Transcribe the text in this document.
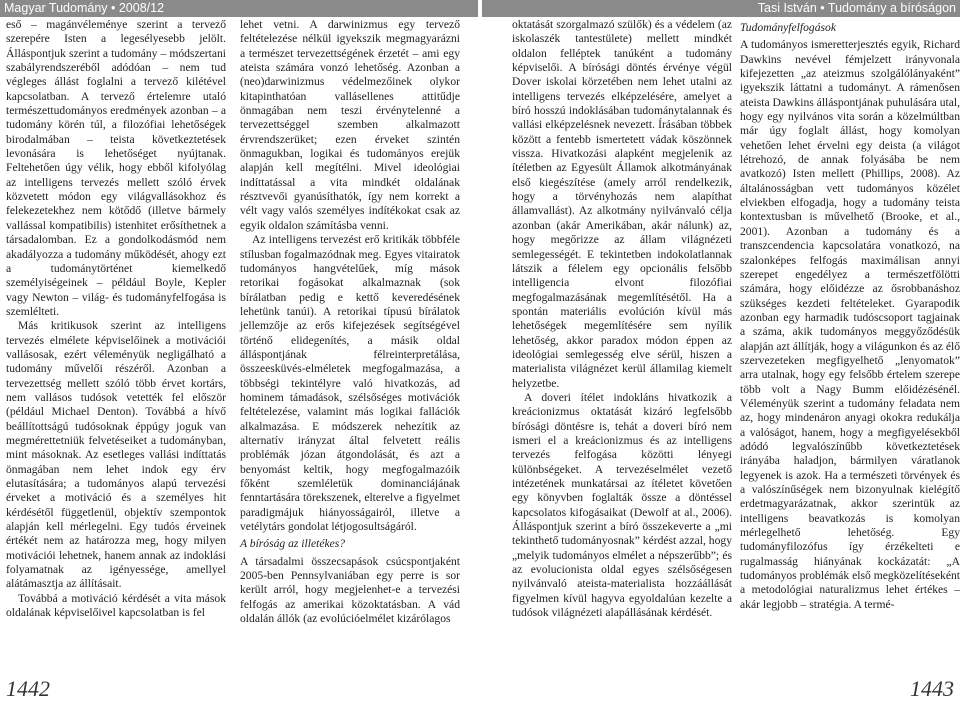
Magyar Tudomány • 2008/12	Tasi István • Tudomány a bíróságon

eső – magánvéleménye szerint a tervező szerepére Isten a legesélyesebb jelölt. Álláspontjuk szerint a tudomány – módszertani szabályrendszeréből adódóan – nem tud végleges állást foglalni a tervező kilétével kapcsolatban. A tervező értelemre utaló természettudományos eredmények azonban – a tudomány körén túl, a filozófiai lehetőségek birodalmában – teista következtetések levonására is lehetőséget nyújtanak. Feltehetően úgy vélik, hogy ebből kifolyólag az intelligens tervezés mellett szóló érvek közvetett módon egy világvallásokhoz és felekezetekhez nem kötődő (illetve bármely vallással kompatibilis) istenhitet erősíthetnek a társadalomban. Ez a gondolkodásmód nem akadályozza a tudomány működését, ahogy ezt a tudománytörténet kiemelkedő személyiségeinek – például Boyle, Kepler vagy Newton – világ- és tudományfelfogása is szemlélteti.

Más kritikusok szerint az intelligens tervezés elmélete képviselőinek a motivációi vallásosak, ezért véleményük negligálható a tudomány művelői részéről. Azonban a tervezettség mellett szóló több érvet kortárs, nem vallásos tudósok vetették fel először (például Michael Denton). Továbbá a hívő beállítottságú tudósoknak éppúgy joguk van megmérettetniük felvetéseiket a tudományban, mint másoknak. Az esetleges vallási indíttatás önmagában nem lehet indok egy érv elutasítására; a tudományos alapú tervezési érveket a motiváció és a személyes hit kérdésétől függetlenül, objektív szempontok alapján kell mérlegelni. Egy tudós érveinek értékét nem az határozza meg, hogy milyen motivációi lehetnek, hanem annak az indoklási folyamatnak az igényessége, amellyel alátámasztja az állításait.

Továbbá a motiváció kérdését a vita mások oldalának képviselőivel kapcsolatban is fel

lehet vetni. A darwinizmus egy tervező feltételezése nélkül igyekszik megmagyarázni a természet tervezettségének érzetét – ami egy ateista számára vonzó lehetőség. Azonban a (neo)darwinizmus védelmezőinek olykor kitapinthatóan vallásellenes attitűdje önmagában nem teszi érvénytelenné a tervezettséggel szemben alkalmazott érvrendszerüket; ezen érveket szintén önmagukban, logikai és tudományos erejük alapján kell megítélni. Mivel ideológiai indíttatással a vita mindkét oldalának résztvevői gyanúsíthatók, így nem korrekt a vélt vagy valós személyes indítékokat csak az egyik oldalon számításba venni.

Az intelligens tervezést erő kritikák többféle stílusban fogalmazódnak meg. Egyes vitairatok tudományos hangvételűek, míg mások retorikai fogásokat alkalmaznak (sok bírálatban pedig e kettő keveredésének lehetünk tanúi). A retorikai típusú bírálatok jellemzője az erős kifejezések segítségével történő elidegenítés, a másik oldal álláspontjának félreinterpretálása, összeesküvés-elméletek megfogalmazása, a többségi tekintélyre való hivatkozás, ad hominem támadások, szélsőséges motivációk feltételezése, valamint más logikai fallációk alkalmazása. E módszerek nehezítik az alternatív irányzat által felvetett reális problémák józan átgondolását, és azt a benyomást keltik, hogy megfogalmazóik főként szemléletük dominanciájának fenntartására törekszenek, elterelve a figyelmet paradigmájuk hiányosságairól, illetve a vetélytárs gondolat létjogosultságáról.

A bíróság az illetékes?

A társadalmi összecsapások csúcspontjaként 2005-ben Pennsylvaniában egy perre is sor került arról, hogy megjelenhet-e a tervezési felfogás az amerikai közoktatásban. A vád oldalán állók (az evolúcióelmélet kizárólagos

oktatását szorgalmazó szülők) és a védelem (az iskolaszék tantestülete) mellett mindkét oldalon felléptek tanúként a tudomány képviselői. A bírósági döntés érvénye végül Dover iskolai körzetében nem lehet utalni az intelligens tervezés elképzelésére, amelyet a bíró hosszú indoklásában tudománytalannak és vallási elképzelésnek nevezett. Írásában többek között a fentebb ismertetett vádak köszönnek vissza. Hivatkozási alapként megjelenik az ítéletben az Egyesült Államok alkotmányának első kiegészítése (amely arról rendelkezik, hogy a törvényhozás nem alapíthat államvallást). Az alkotmány nyilvánvaló célja azonban (akár Amerikában, akár nálunk) az, hogy megőrizze az állam világnézeti semlegességét. E tekintetben indokolatlannak látszik a félelem egy opcionális felsőbb intelligencia elvont filozófiai megfogalmazásának megemlítésétől. Ha a spontán materiális evolúción kívül más lehetőségek megemlítésére sem nyílik lehetőség, akkor paradox módon éppen az ideológiai semlegesség elve sérül, hiszen a materialista világnézet kerül államilag kiemelt helyzetbe.

A doveri ítélet indokláns hivatkozik a kreácionizmus oktatását kizáró legfelsőbb bírósági döntésre is, tehát a doveri bíró nem ismeri el a kreácionizmus és az intelligens tervezés felfogása közötti lényegi különbségeket. A tervezéselmélet vezető intézetének munkatársai az ítéletet követően egy könyvben foglalták össze a döntéssel kapcsolatos kifogásaikat (Dewolf at al., 2006). Álláspontjuk szerint a bíró összekeverte a „mi tekinthető tudományosnak” kérdést azzal, hogy „melyik tudományos elmélet a népszerűbb”; és az evolucionista oldal egyes szélsőségesen nyilvánvaló ateista-materialista hozzáállását figyelmen kívül hagyva egyoldalúan kezelte a tudósok világnézeti alapállásának kérdését.

Tudományfelfogások

A tudományos ismeretterjesztés egyik, Richard Dawkins nevével fémjelzett irányvonala kifejezetten „az ateizmus szolgálólányaként” igyekszik láttatni a tudományt. A rámenősen ateista Dawkins álláspontjának puhulására utal, hogy egy nyilvános vita során a közelmúltban már úgy foglalt állást, hogy komolyan vehetően lehet érvelni egy deista (a világot létrehozó, de annak folyásába be nem avatkozó) Isten mellett (Phillips, 2008). Az általánosságban vett tudományos közélet elviekben elfogadja, hogy a tudomány teista kontextusban is művelhető (Brooke, et al., 2001). Azonban a tudomány és a transzcendencia kapcsolatára vonatkozó, na szalonképes felfogás maximálisan annyi szerepet engedélyez a természetfölötti számára, hogy előidézze az ősrobbanáshoz szükséges kezdeti feltételeket. Gyarapodik azonban egy harmadik tudóscsoport tagjainak a száma, akik tudományos meggyőződésük alapján azt állítják, hogy a világunkon és az élő szervezeteken megfigyelhető „lenyomatok” arra utalnak, hogy egy felsőbb értelem szerepe több volt a Nagy Bumm előidézésénél. Véleményük szerint a tudomány feladata nem az, hogy mindenáron anyagi okokra redukálja a valóságot, hanem, hogy a megfigyelésekből adódó legvalószínűbb következtetések irányába haladjon, bármilyen váratlanok legyenek is azok. Ha a természeti törvények és a valószínűségek nem bizonyulnak kielégítő erdetmagyarázatnak, akkor szerintük az intelligens beavatkozás is komolyan mérlegelhető lehetőség. Egy tudományfilozófus így érzékelteti e rugalmasság hiányának kockázatát: „A tudományos problémák első megközelítéseként a metodológiai naturalizmus lehet értékes – akár legjobb – stratégia. A termé-

1442	1443
